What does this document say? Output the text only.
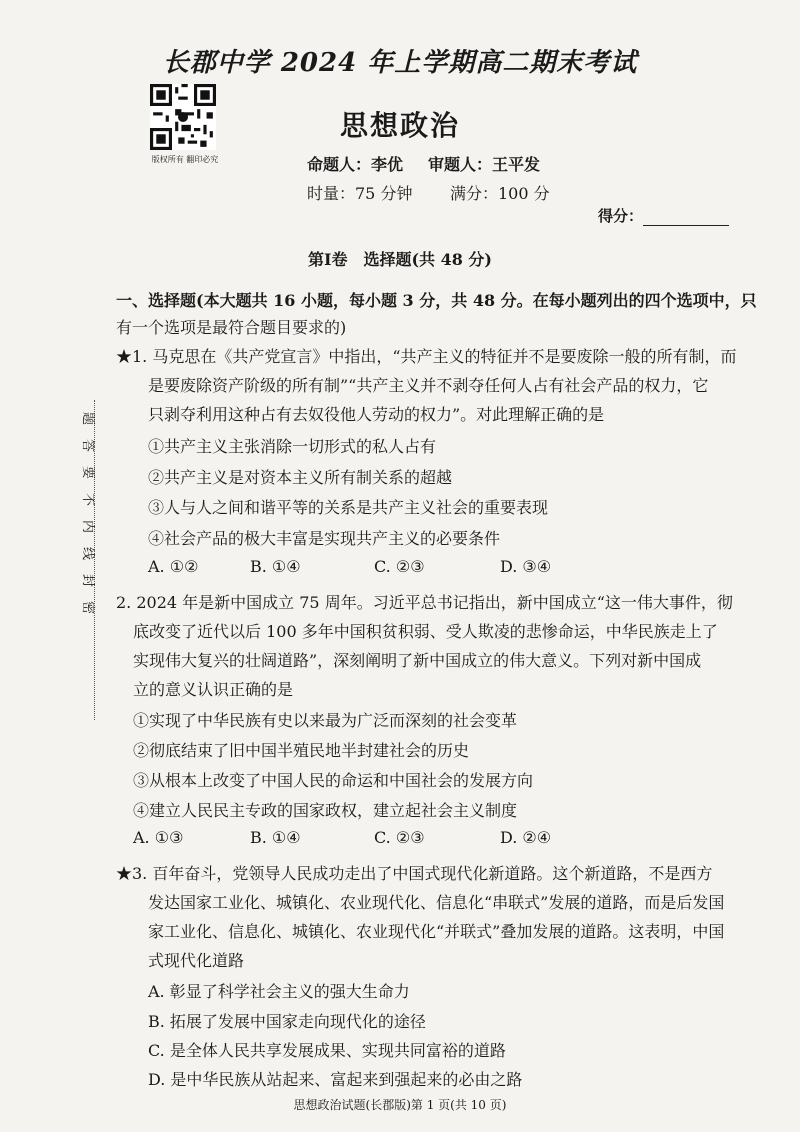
长郡中学 2024 年上学期高二期末考试
版权所有 翻印必究
思想政治
命题人：李优 审题人：王平发
时量：75 分钟 满分：100 分
得分：
第Ⅰ卷　选择题(共 48 分)
一、选择题(本大题共 16 小题，每小题 3 分，共 48 分。在每小题列出的四个选项中，只
有一个选项是最符合题目要求的)
题
答
要
不
内
线
封
密
★1. 马克思在《共产党宣言》中指出，“共产主义的特征并不是要废除一般的所有制，而
是要废除资产阶级的所有制”“共产主义并不剥夺任何人占有社会产品的权力，它
只剥夺利用这种占有去奴役他人劳动的权力”。对此理解正确的是
①共产主义主张消除一切形式的私人占有
②共产主义是对资本主义所有制关系的超越
③人与人之间和谐平等的关系是共产主义社会的重要表现
④社会产品的极大丰富是实现共产主义的必要条件
A. ①②	B. ①④	C. ②③	D. ③④
2. 2024 年是新中国成立 75 周年。习近平总书记指出，新中国成立“这一伟大事件，彻
底改变了近代以后 100 多年中国积贫积弱、受人欺凌的悲惨命运，中华民族走上了
实现伟大复兴的壮阔道路”，深刻阐明了新中国成立的伟大意义。下列对新中国成
立的意义认识正确的是
①实现了中华民族有史以来最为广泛而深刻的社会变革
②彻底结束了旧中国半殖民地半封建社会的历史
③从根本上改变了中国人民的命运和中国社会的发展方向
④建立人民民主专政的国家政权，建立起社会主义制度
A. ①③	B. ①④	C. ②③	D. ②④
★3. 百年奋斗，党领导人民成功走出了中国式现代化新道路。这个新道路，不是西方
发达国家工业化、城镇化、农业现代化、信息化“串联式”发展的道路，而是后发国
家工业化、信息化、城镇化、农业现代化“并联式”叠加发展的道路。这表明，中国
式现代化道路
A. 彰显了科学社会主义的强大生命力
B. 拓展了发展中国家走向现代化的途径
C. 是全体人民共享发展成果、实现共同富裕的道路
D. 是中华民族从站起来、富起来到强起来的必由之路
思想政治试题(长郡版)第 1 页(共 10 页)
